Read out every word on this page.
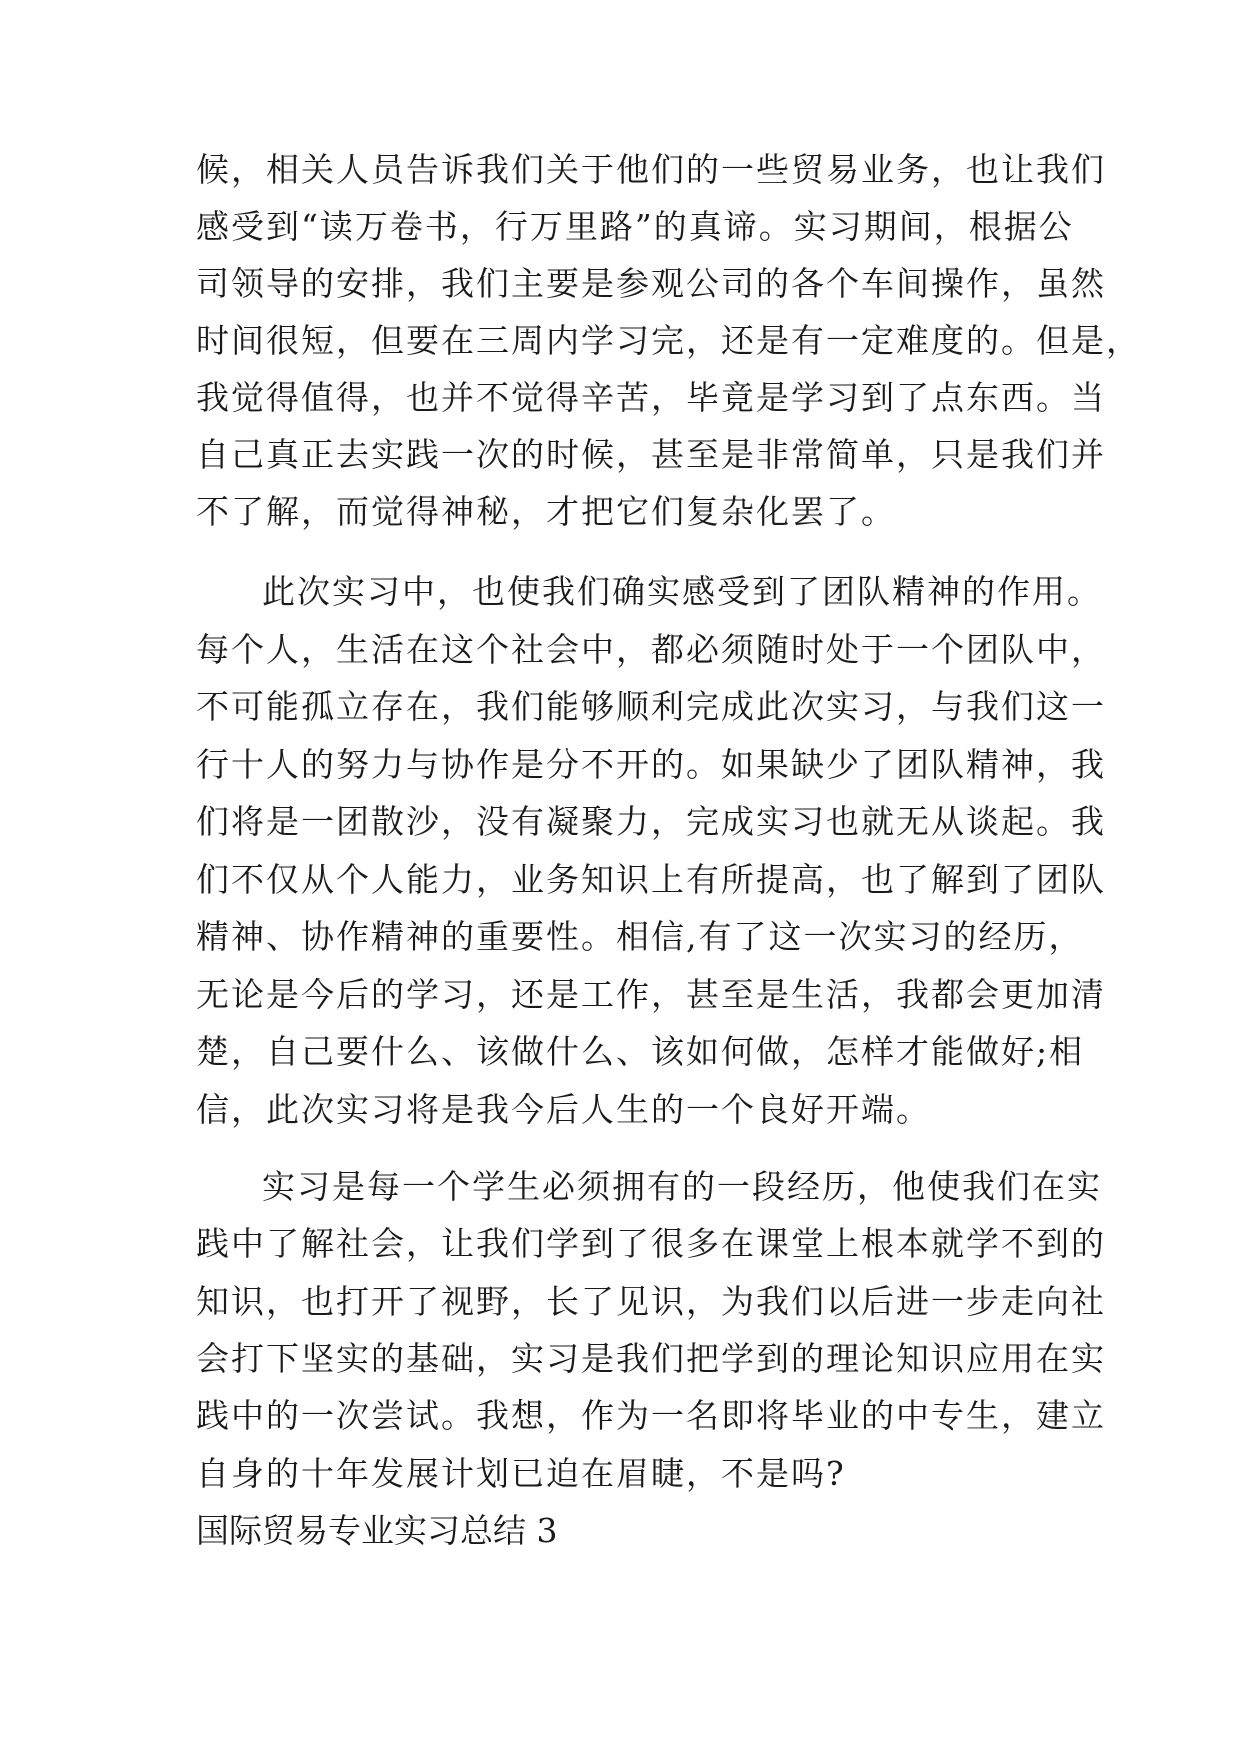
候，相关人员告诉我们关于他们的一些贸易业务，也让我们
感受到“读万卷书，行万里路”的真谛。实习期间，根据公
司领导的安排，我们主要是参观公司的各个车间操作，虽然
时间很短，但要在三周内学习完，还是有一定难度的。但是，
我觉得值得，也并不觉得辛苦，毕竟是学习到了点东西。当
自己真正去实践一次的时候，甚至是非常简单，只是我们并
不了解，而觉得神秘，才把它们复杂化罢了。
此次实习中，也使我们确实感受到了团队精神的作用。
每个人，生活在这个社会中，都必须随时处于一个团队中，
不可能孤立存在，我们能够顺利完成此次实习，与我们这一
行十人的努力与协作是分不开的。如果缺少了团队精神，我
们将是一团散沙，没有凝聚力，完成实习也就无从谈起。我
们不仅从个人能力，业务知识上有所提高，也了解到了团队
精神、协作精神的重要性。相信,有了这一次实习的经历，
无论是今后的学习，还是工作，甚至是生活，我都会更加清
楚，自己要什么、该做什么、该如何做，怎样才能做好;相
信，此次实习将是我今后人生的一个良好开端。
实习是每一个学生必须拥有的一段经历，他使我们在实
践中了解社会，让我们学到了很多在课堂上根本就学不到的
知识，也打开了视野，长了见识，为我们以后进一步走向社
会打下坚实的基础，实习是我们把学到的理论知识应用在实
践中的一次尝试。我想，作为一名即将毕业的中专生，建立
自身的十年发展计划已迫在眉睫，不是吗?
国际贸易专业实习总结 3
